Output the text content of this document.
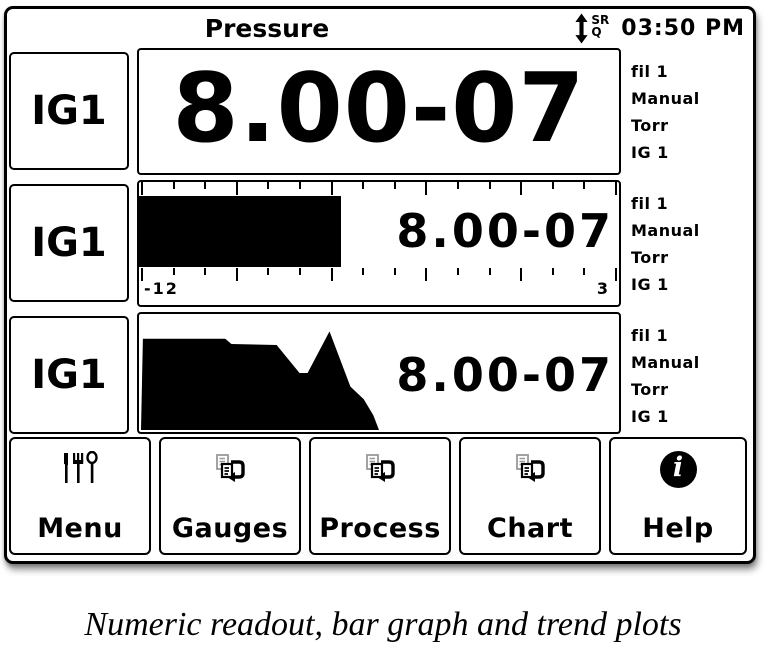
Pressure	SR
Q 03:50 PM
IG1 8.00-07	fil 1
Manual
Torr
IG 1
IG1	8.00-07
-12	3
fil 1
Manual
Torr
IG 1
IG1	8.00-07
fil 1
Manual
Torr
IG 1
Menu	Gauges	Process	Chart
i
Help
Numeric readout, bar graph and trend plots
